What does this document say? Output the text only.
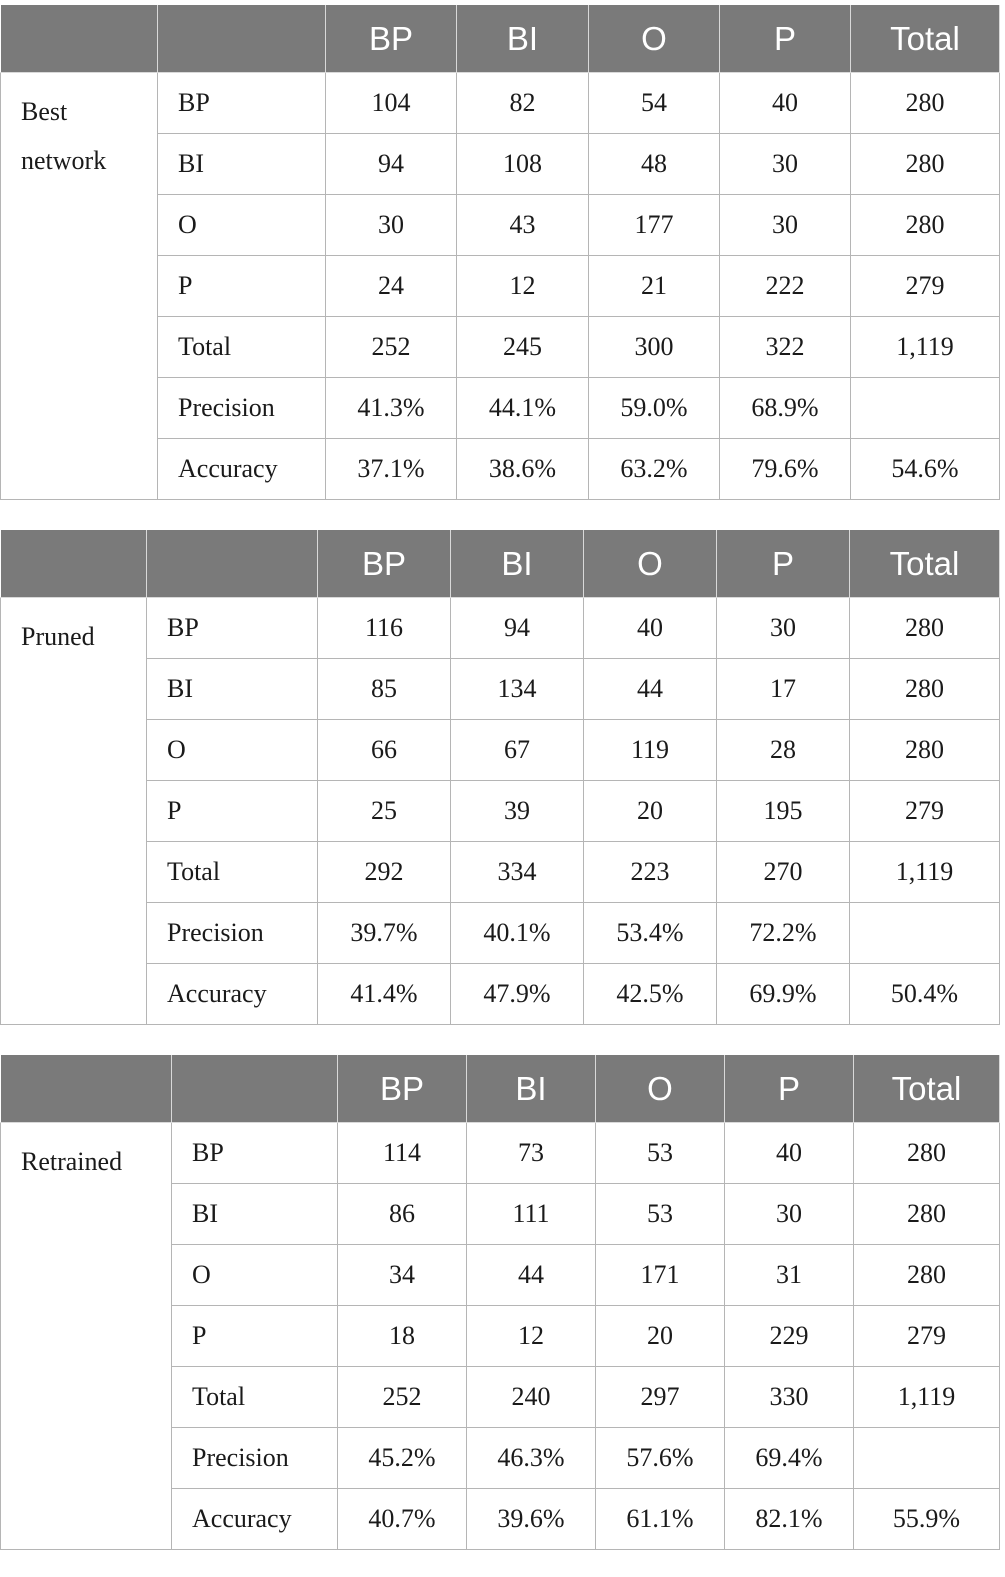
		BP	BI	O	P	Total
Best network	BP	104	82	54	40	280
	BI	94	108	48	30	280
	O	30	43	177	30	280
	P	24	12	21	222	279
	Total	252	245	300	322	1,119
	Precision	41.3%	44.1%	59.0%	68.9%	
	Accuracy	37.1%	38.6%	63.2%	79.6%	54.6%
		BP	BI	O	P	Total
Pruned	BP	116	94	40	30	280
	BI	85	134	44	17	280
	O	66	67	119	28	280
	P	25	39	20	195	279
	Total	292	334	223	270	1,119
	Precision	39.7%	40.1%	53.4%	72.2%	
	Accuracy	41.4%	47.9%	42.5%	69.9%	50.4%
		BP	BI	O	P	Total
Retrained	BP	114	73	53	40	280
	BI	86	111	53	30	280
	O	34	44	171	31	280
	P	18	12	20	229	279
	Total	252	240	297	330	1,119
	Precision	45.2%	46.3%	57.6%	69.4%	
	Accuracy	40.7%	39.6%	61.1%	82.1%	55.9%
